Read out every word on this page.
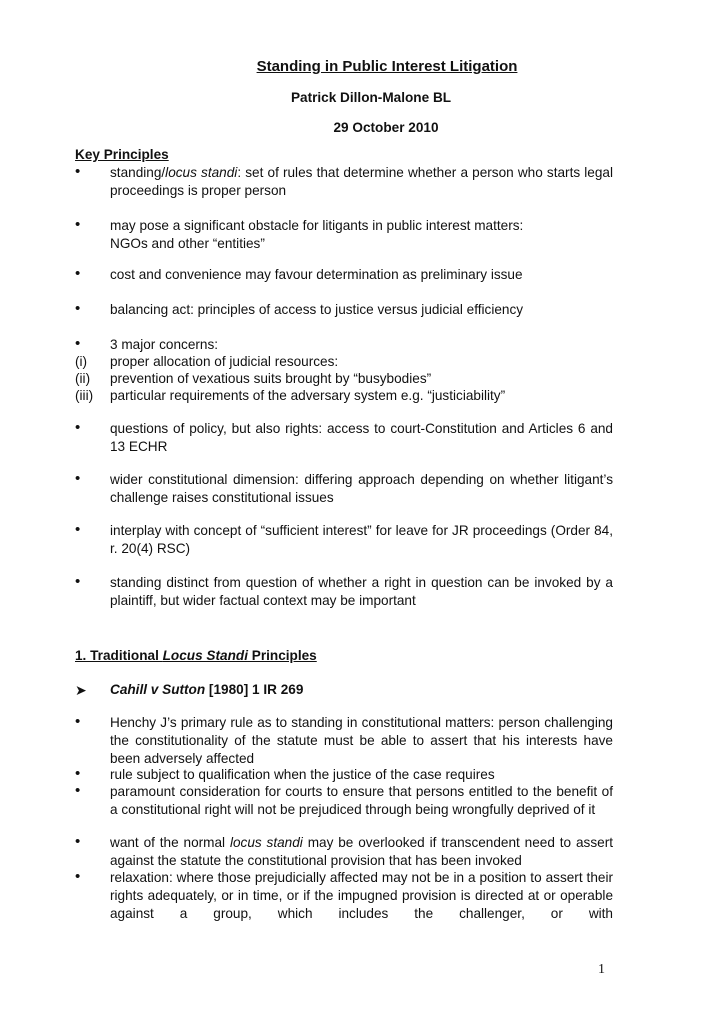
Standing in Public Interest Litigation
Patrick Dillon-Malone BL
29 October 2010
Key Principles
standing/locus standi: set of rules that determine whether a person who starts legal proceedings is proper person
may pose a significant obstacle for litigants in public interest matters:
NGOs and other “entities”
cost and convenience may favour determination as preliminary issue
balancing act: principles of access to justice versus judicial efficiency
3 major concerns:
(i)	proper allocation of judicial resources:
(ii)	prevention of vexatious suits brought by “busybodies”
(iii)	particular requirements of the adversary system e.g. “justiciability”
questions of policy, but also rights: access to court-Constitution and Articles 6 and 13 ECHR
wider constitutional dimension: differing approach depending on whether litigant’s challenge raises constitutional issues
interplay with concept of “sufficient interest” for leave for JR proceedings (Order 84, r. 20(4) RSC)
standing distinct from question of whether a right in question can be invoked by a plaintiff, but wider factual context may be important
1. Traditional Locus Standi Principles
➤ Cahill v Sutton [1980] 1 IR 269
Henchy J’s primary rule as to standing in constitutional matters: person challenging the constitutionality of the statute must be able to assert that his interests have been adversely affected
rule subject to qualification when the justice of the case requires
paramount consideration for courts to ensure that persons entitled to the benefit of a constitutional right will not be prejudiced through being wrongfully deprived of it
want of the normal locus standi may be overlooked if transcendent need to assert against the statute the constitutional provision that has been invoked
relaxation: where those prejudicially affected may not be in a position to assert their rights adequately, or in time, or if the impugned provision is directed at or operable against a group, which includes the challenger, or with
1
